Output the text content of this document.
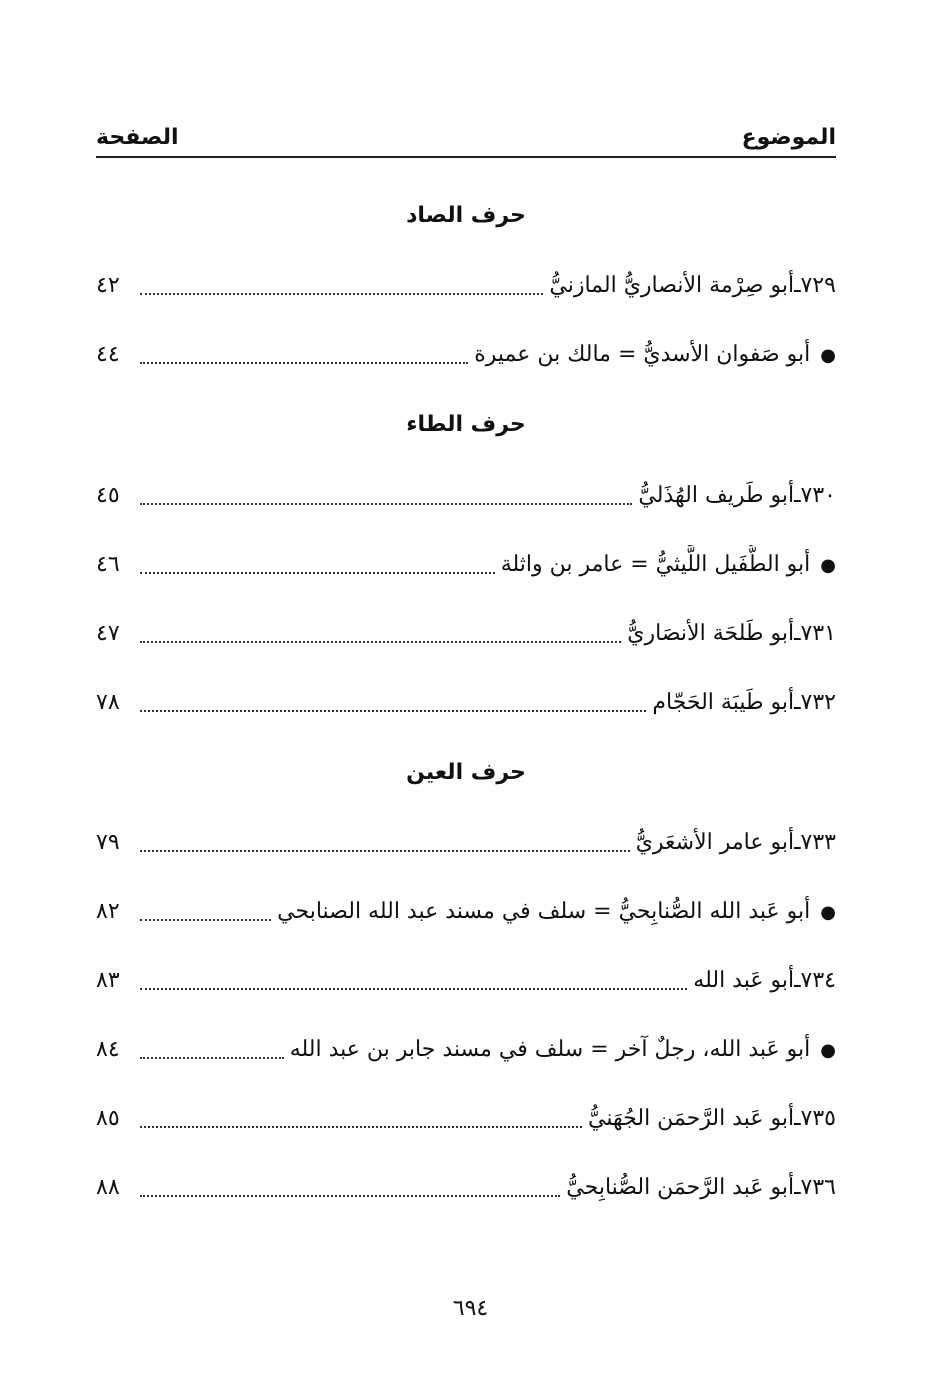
الموضوع
الصفحة
حرف الصاد
٧٢٩ـ
أبو صِرْمة الأنصاريُّ المازنيُّ
٤٢
●
أبو صَفوان الأسديُّ = مالك بن عميرة
٤٤
حرف الطاء
٧٣٠ـ
أبو طَريف الهُذَليُّ
٤٥
●
أبو الطُّفَيل اللَّيثيُّ = عامر بن واثلة
٤٦
٧٣١ـ
أبو طَلحَة الأنصَاريُّ
٤٧
٧٣٢ـ
أبو طَيبَة الحَجّام
٧٨
حرف العين
٧٣٣ـ
أبو عامر الأشعَريُّ
٧٩
●
أبو عَبد الله الصُّنابِحيُّ = سلف في مسند عبد الله الصنابحي
٨٢
٧٣٤ـ
أبو عَبد الله
٨٣
●
أبو عَبد الله، رجلٌ آخر = سلف في مسند جابر بن عبد الله
٨٤
٧٣٥ـ
أبو عَبد الرَّحمَن الجُهَنيُّ
٨٥
٧٣٦ـ
أبو عَبد الرَّحمَن الصُّنابِحيُّ
٨٨
٦٩٤
